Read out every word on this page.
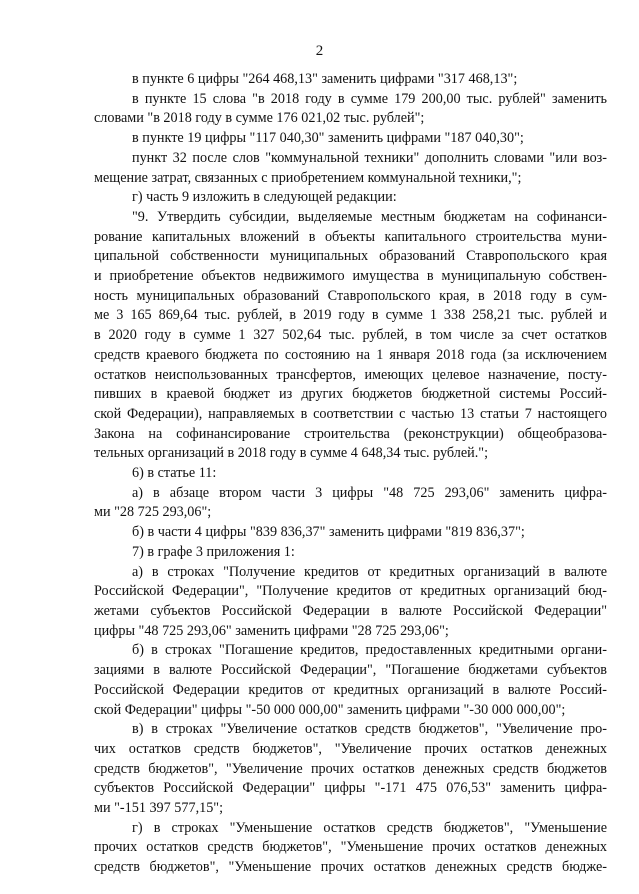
2

в пункте 6 цифры "264 468,13" заменить цифрами "317 468,13";

в пункте 15 слова "в 2018 году в сумме 179 200,00 тыс. рублей" заменить

словами "в 2018 году в сумме 176 021,02 тыс. рублей";

в пункте 19 цифры "117 040,30" заменить цифрами "187 040,30";

пункт 32 после слов "коммунальной техники" дополнить словами "или воз-

мещение затрат, связанных с приобретением коммунальной техники,";

г) часть 9 изложить в следующей редакции:

"9. Утвердить субсидии, выделяемые местным бюджетам на софинанси-

рование капитальных вложений в объекты капитального строительства муни-

ципальной собственности муниципальных образований Ставропольского края

и приобретение объектов недвижимого имущества в муниципальную собствен-

ность муниципальных образований Ставропольского края, в 2018 году в сум-

ме 3 165 869,64 тыс. рублей, в 2019 году в сумме 1 338 258,21 тыс. рублей и

в 2020 году в сумме 1 327 502,64 тыс. рублей, в том числе за счет остатков

средств краевого бюджета по состоянию на 1 января 2018 года (за исключением

остатков неиспользованных трансфертов, имеющих целевое назначение, посту-

пивших в краевой бюджет из других бюджетов бюджетной системы Россий-

ской Федерации), направляемых в соответствии с частью 13 статьи 7 настоящего

Закона на софинансирование строительства (реконструкции) общеобразова-

тельных организаций в 2018 году в сумме 4 648,34 тыс. рублей.";

6) в статье 11:

а) в абзаце втором части 3 цифры "48 725 293,06" заменить цифра-

ми "28 725 293,06";

б) в части 4 цифры "839 836,37" заменить цифрами "819 836,37";

7) в графе 3 приложения 1:

а) в строках "Получение кредитов от кредитных организаций в валюте

Российской Федерации", "Получение кредитов от кредитных организаций бюд-

жетами субъектов Российской Федерации в валюте Российской Федерации"

цифры "48 725 293,06" заменить цифрами "28 725 293,06";

б) в строках "Погашение кредитов, предоставленных кредитными органи-

зациями в валюте Российской Федерации", "Погашение бюджетами субъектов

Российской Федерации кредитов от кредитных организаций в валюте Россий-

ской Федерации" цифры "-50 000 000,00" заменить цифрами "-30 000 000,00";

в) в строках "Увеличение остатков средств бюджетов", "Увеличение про-

чих остатков средств бюджетов", "Увеличение прочих остатков денежных

средств бюджетов", "Увеличение прочих остатков денежных средств бюджетов

субъектов Российской Федерации" цифры "-171 475 076,53" заменить цифра-

ми "-151 397 577,15";

г) в строках "Уменьшение остатков средств бюджетов", "Уменьшение

прочих остатков средств бюджетов", "Уменьшение прочих остатков денежных

средств бюджетов", "Уменьшение прочих остатков денежных средств бюдже-
